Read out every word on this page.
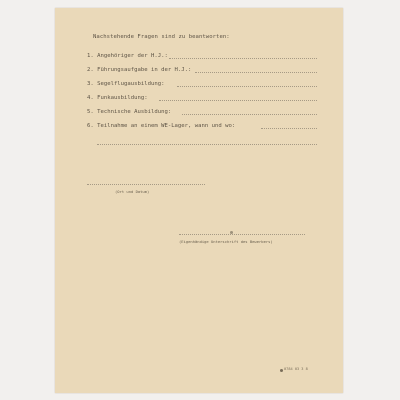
Nachstehende Fragen sind zu beantworten:
1. Angehöriger der H.J.:
2. Führungsaufgabe in der H.J.:
3. Segelflugausbildung:
4. Funkausbildung:
5. Technische Ausbildung:
6. Teilnahme an einem WE-Lager, wann und wo:
(Ort und Datum)
(Eigenhändige Unterschrift des Bewerbers)
0784 03 3 8
